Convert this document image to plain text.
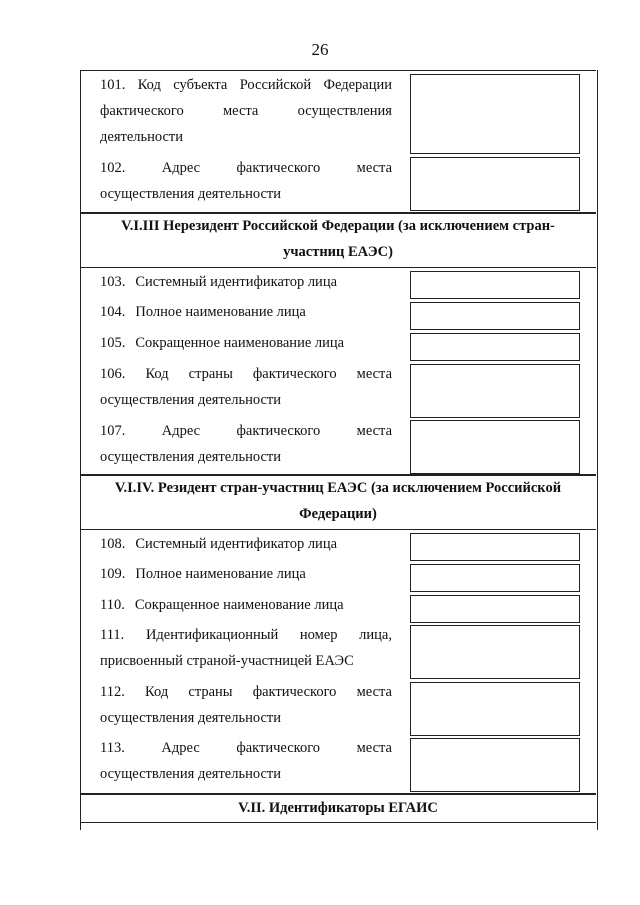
26
101. Код субъекта Российской Федерации
фактического	места	осуществления
деятельности
102.	Адрес	фактического	места
осуществления деятельности
V.I.III Нерезидент Российской Федерации (за исключением стран-
участниц ЕАЭС)
103. Системный идентификатор лица
104. Полное наименование лица
105. Сокращенное наименование лица
106. Код страны фактического места
осуществления деятельности
107.	Адрес	фактического	места
осуществления деятельности
V.I.IV. Резидент стран-участниц ЕАЭС (за исключением Российской
Федерации)
108. Системный идентификатор лица
109. Полное наименование лица
110. Сокращенное наименование лица
111. Идентификационный номер лица,
присвоенный страной-участницей ЕАЭС
112. Код страны фактического места
осуществления деятельности
113.	Адрес	фактического	места
осуществления деятельности
V.II. Идентификаторы ЕГАИС
